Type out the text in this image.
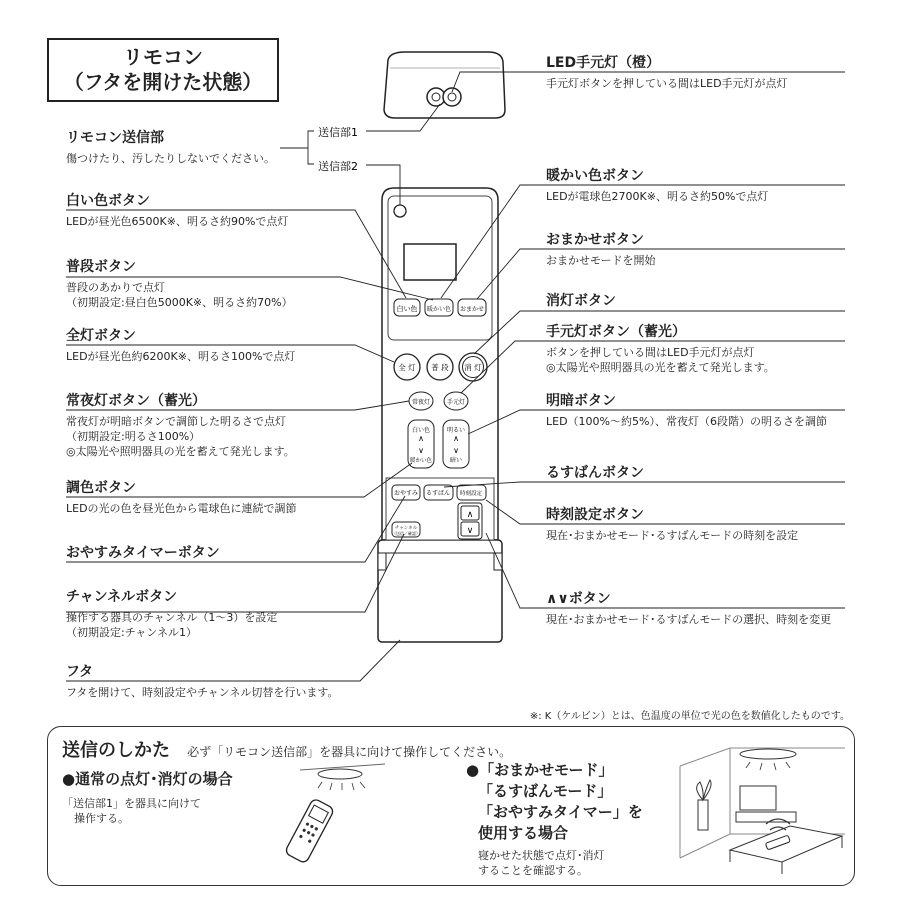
リモコン
（フタを開けた状態）
白い色 暖かい色 おまかせ
全 灯 普 段 消 灯
常夜灯	手元灯
白い色
∧
∨
暖かい色
明るい
∧
∨
暗い
おやすみ るすばん 時刻設定
チャンネル
（送信／確認）
∧
∨
送信部1
送信部2
リモコン送信部
傷つけたり、汚したりしないでください。
白い色ボタン
LEDが昼光色6500K※、明るさ約90%で点灯
普段ボタン
普段のあかりで点灯
（初期設定:昼白色5000K※、明るさ約70%）
全灯ボタン
LEDが昼光色約6200K※、明るさ100%で点灯
常夜灯ボタン（蓄光）
常夜灯が明暗ボタンで調節した明るさで点灯
（初期設定:明るさ100%）
◎太陽光や照明器具の光を蓄えて発光します。
調色ボタン
LEDの光の色を昼光色から電球色に連続で調節
おやすみタイマーボタン
チャンネルボタン
操作する器具のチャンネル（1～3）を設定
（初期設定:チャンネル1）
フタ
フタを開けて、時刻設定やチャンネル切替を行います。
LED手元灯（橙）
手元灯ボタンを押している間はLED手元灯が点灯
暖かい色ボタン
LEDが電球色2700K※、明るさ約50%で点灯
おまかせボタン
おまかせモードを開始
消灯ボタン
手元灯ボタン（蓄光）
ボタンを押している間はLED手元灯が点灯
◎太陽光や照明器具の光を蓄えて発光します。
明暗ボタン
LED（100%～約5%）、常夜灯（6段階）の明るさを調節
るすばんボタン
時刻設定ボタン
現在･おまかせモード･るすばんモードの時刻を設定
∧∨ボタン
現在･おまかせモード･るすばんモードの選択、時刻を変更
※: K（ケルビン）とは、色温度の単位で光の色を数値化したものです。
送信のしかた 必ず「リモコン送信部」を器具に向けて操作してください。
●通常の点灯･消灯の場合
「送信部1」を器具に向けて
操作する。
●「おまかせモード」
「るすばんモード」
「おやすみタイマー」を
使用する場合
寝かせた状態で点灯･消灯
することを確認する。
